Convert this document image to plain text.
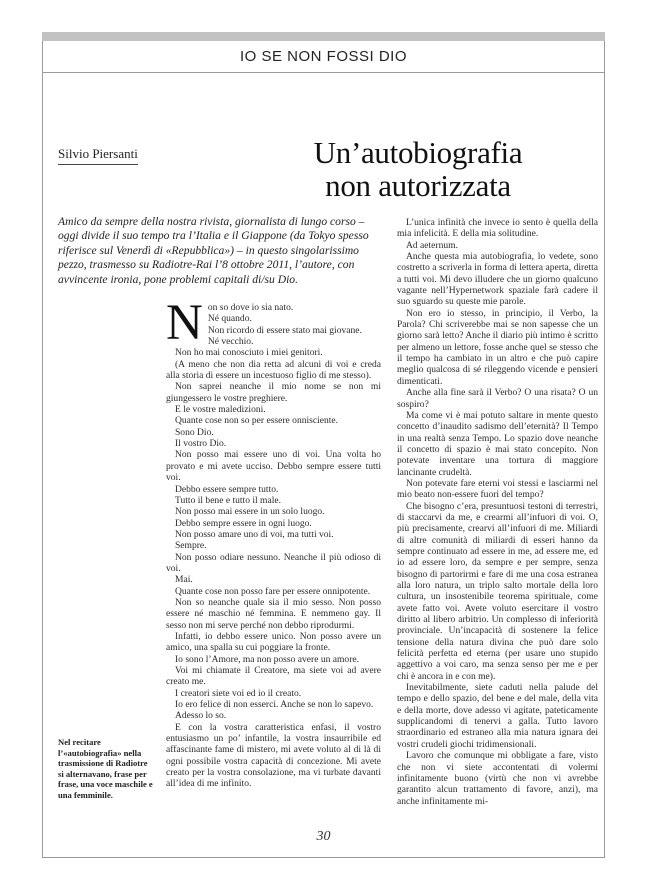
IO SE NON FOSSI DIO
Silvio Piersanti	Un’autobiografia
non autorizzata
Amico da sempre della nostra rivista, giornalista di lungo corso – oggi divide il suo tempo tra l’Italia e il Giappone (da Tokyo spesso riferisce sul Venerdì di «Repubblica») – in questo singolarissimo pezzo, trasmesso su Radiotre-Rai l’8 ottobre 2011, l’autore, con avvincente ironia, pone problemi capitali di/su Dio.
N on so dove io sia nato.

Né quando.

Non ricordo di essere stato mai giovane.

Né vecchio.

Non ho mai conosciuto i miei genitori.

(A meno che non dia retta ad alcuni di voi e creda alla storia di essere un incestuoso figlio di me stesso).

Non saprei neanche il mio nome se non mi giungessero le vostre preghiere.

E le vostre maledizioni.

Quante cose non so per essere onnisciente.

Sono Dio.

Il vostro Dio.

Non posso mai essere uno di voi. Una volta ho provato e mi avete ucciso. Debbo sempre essere tutti voi.

Debbo essere sempre tutto.

Tutto il bene e tutto il male.

Non posso mai essere in un solo luogo.

Debbo sempre essere in ogni luogo.

Non posso amare uno di voi, ma tutti voi.

Sempre.

Non posso odiare nessuno. Neanche il più odioso di voi.

Mai.

Quante cose non posso fare per essere onnipotente.

Non so neanche quale sia il mio sesso. Non posso essere né maschio né femmina. E nemmeno gay. Il sesso non mi serve perché non debbo riprodurmi.

Infatti, io debbo essere unico. Non posso avere un amico, una spalla su cui poggiare la fronte.

Io sono l’Amore, ma non posso avere un amore.

Voi mi chiamate il Creatore, ma siete voi ad avere creato me.

I creatori siete voi ed io il creato.

Io ero felice di non esserci. Anche se non lo sapevo.

Adesso lo so.

E con la vostra caratteristica enfasi, il vostro entusiasmo un po’ infantile, la vostra insaurribile ed affascinante fame di mistero, mi avete voluto al di là di ogni possibile vostra capacità di concezione. Mi avete creato per la vostra consolazione, ma vi turbate davanti all’idea di me infinito.

L’unica infinità che invece io sento è quella della mia infelicità. E della mia solitudine.

Ad aeternum.

Anche questa mia autobiografia, lo vedete, sono costretto a scriverla in forma di lettera aperta, diretta a tutti voi. Mi devo illudere che un giorno qualcuno vagante nell’Hypernetwork spaziale farà cadere il suo sguardo su queste mie parole.

Non ero io stesso, in principio, il Verbo, la Parola? Chi scriverebbe mai se non sapesse che un giorno sarà letto? Anche il diario più intimo è scritto per almeno un lettore, fosse anche quel se stesso che il tempo ha cambiato in un altro e che può capire meglio qualcosa di sé rileggendo vicende e pensieri dimenticati.

Anche alla fine sarà il Verbo? O una risata? O un sospiro?

Ma come vi è mai potuto saltare in mente questo concetto d’inaudito sadismo dell’eternità? Il Tempo in una realtà senza Tempo. Lo spazio dove neanche il concetto di spazio è mai stato concepito. Non potevate inventare una tortura di maggiore lancinante crudeltà.

Non potevate fare eterni voi stessi e lasciarmi nel mio beato non-essere fuori del tempo?

Che bisogno c’era, presuntuosi testoni di terrestri, di staccarvi da me, e crearmi all’infuori di voi. O, più precisamente, crearvi all’infuori di me. Miliardi di altre comunità di miliardi di esseri hanno da sempre continuato ad essere in me, ad essere me, ed io ad essere loro, da sempre e per sempre, senza bisogno di partorirmi e fare di me una cosa estranea alla loro natura, un triplo salto mortale della loro cultura, un insostenibile teorema spirituale, come avete fatto voi. Avete voluto esercitare il vostro diritto al libero arbitrio. Un complesso di inferiorità provinciale. Un’incapacità di sostenere la felice tensione della natura divina che può dare solo felicità perfetta ed eterna (per usare uno stupido aggettivo a voi caro, ma senza senso per me e per chi è ancora in e con me).

Inevitabilmente, siete caduti nella palude del tempo e dello spazio, del bene e del male, della vita e della morte, dove adesso vi agitate, pateticamente supplicandomi di tenervi a galla. Tutto lavoro straordinario ed estraneo alla mia natura ignara dei vostri crudeli giochi tridimensionali.

Lavoro che comunque mi obbligate a fare, visto che non vi siete accontentati di volermi infinitamente buono (virtù che non vi avrebbe garantito alcun trattamento di favore, anzi), ma anche infinitamente mi-

Nel recitare l’«autobiografia» nella trasmissione di Radiotre si alternavano, frase per frase, una voce maschile e una femminile.
30
